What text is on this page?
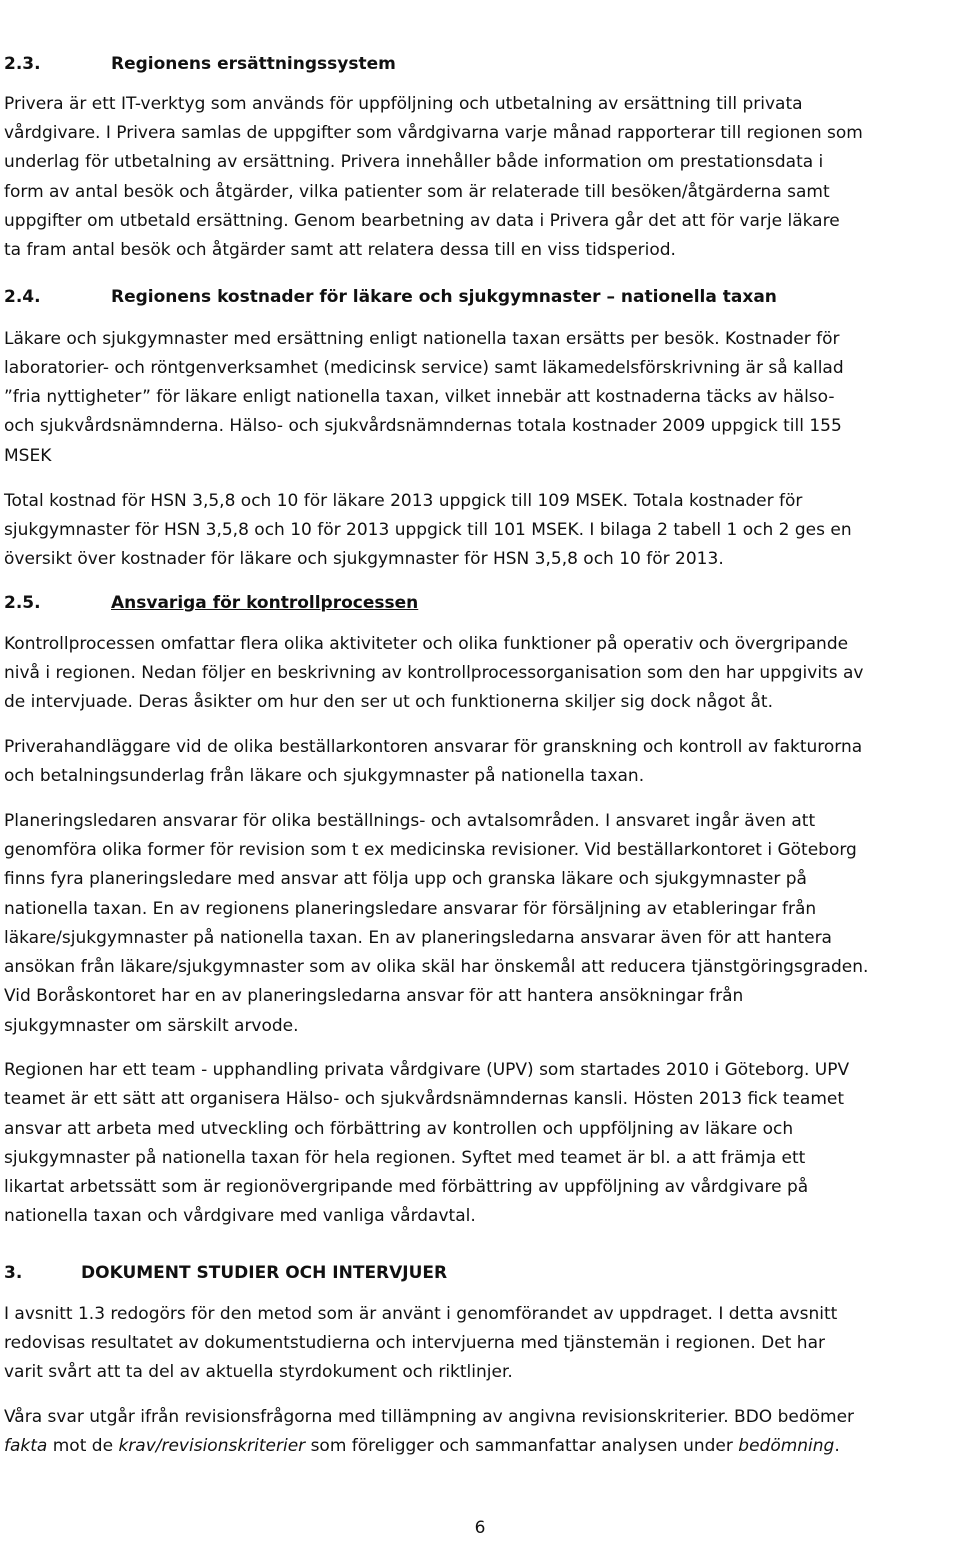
2.3.	Regionens ersättningssystem
Privera är ett IT-verktyg som används för uppföljning och utbetalning av ersättning till privata
vårdgivare. I Privera samlas de uppgifter som vårdgivarna varje månad rapporterar till regionen som
underlag för utbetalning av ersättning. Privera innehåller både information om prestationsdata i
form av antal besök och åtgärder, vilka patienter som är relaterade till besöken/åtgärderna samt
uppgifter om utbetald ersättning. Genom bearbetning av data i Privera går det att för varje läkare
ta fram antal besök och åtgärder samt att relatera dessa till en viss tidsperiod.
2.4.	Regionens kostnader för läkare och sjukgymnaster – nationella taxan
Läkare och sjukgymnaster med ersättning enligt nationella taxan ersätts per besök. Kostnader för
laboratorier- och röntgenverksamhet (medicinsk service) samt läkamedelsförskrivning är så kallad
”fria nyttigheter” för läkare enligt nationella taxan, vilket innebär att kostnaderna täcks av hälso-
och sjukvårdsnämnderna. Hälso- och sjukvårdsnämndernas totala kostnader 2009 uppgick till 155
MSEK
Total kostnad för HSN 3,5,8 och 10 för läkare 2013 uppgick till 109 MSEK. Totala kostnader för
sjukgymnaster för HSN 3,5,8 och 10 för 2013 uppgick till 101 MSEK. I bilaga 2 tabell 1 och 2 ges en
översikt över kostnader för läkare och sjukgymnaster för HSN 3,5,8 och 10 för 2013.
2.5.	Ansvariga för kontrollprocessen
Kontrollprocessen omfattar flera olika aktiviteter och olika funktioner på operativ och övergripande
nivå i regionen. Nedan följer en beskrivning av kontrollprocessorganisation som den har uppgivits av
de intervjuade. Deras åsikter om hur den ser ut och funktionerna skiljer sig dock något åt.
Priverahandläggare vid de olika beställarkontoren ansvarar för granskning och kontroll av fakturorna
och betalningsunderlag från läkare och sjukgymnaster på nationella taxan.
Planeringsledaren ansvarar för olika beställnings- och avtalsområden. I ansvaret ingår även att
genomföra olika former för revision som t ex medicinska revisioner. Vid beställarkontoret i Göteborg
finns fyra planeringsledare med ansvar att följa upp och granska läkare och sjukgymnaster på
nationella taxan. En av regionens planeringsledare ansvarar för försäljning av etableringar från
läkare/sjukgymnaster på nationella taxan. En av planeringsledarna ansvarar även för att hantera
ansökan från läkare/sjukgymnaster som av olika skäl har önskemål att reducera tjänstgöringsgraden.
Vid Boråskontoret har en av planeringsledarna ansvar för att hantera ansökningar från
sjukgymnaster om särskilt arvode.
Regionen har ett team - upphandling privata vårdgivare (UPV) som startades 2010 i Göteborg. UPV
teamet är ett sätt att organisera Hälso- och sjukvårdsnämndernas kansli. Hösten 2013 fick teamet
ansvar att arbeta med utveckling och förbättring av kontrollen och uppföljning av läkare och
sjukgymnaster på nationella taxan för hela regionen. Syftet med teamet är bl. a att främja ett
likartat arbetssätt som är regionövergripande med förbättring av uppföljning av vårdgivare på
nationella taxan och vårdgivare med vanliga vårdavtal.
3.	DOKUMENT STUDIER OCH INTERVJUER
I avsnitt 1.3 redogörs för den metod som är använt i genomförandet av uppdraget. I detta avsnitt
redovisas resultatet av dokumentstudierna och intervjuerna med tjänstemän i regionen. Det har
varit svårt att ta del av aktuella styrdokument och riktlinjer.
Våra svar utgår ifrån revisionsfrågorna med tillämpning av angivna revisionskriterier. BDO bedömer
fakta mot de krav/revisionskriterier som föreligger och sammanfattar analysen under bedömning.
6
